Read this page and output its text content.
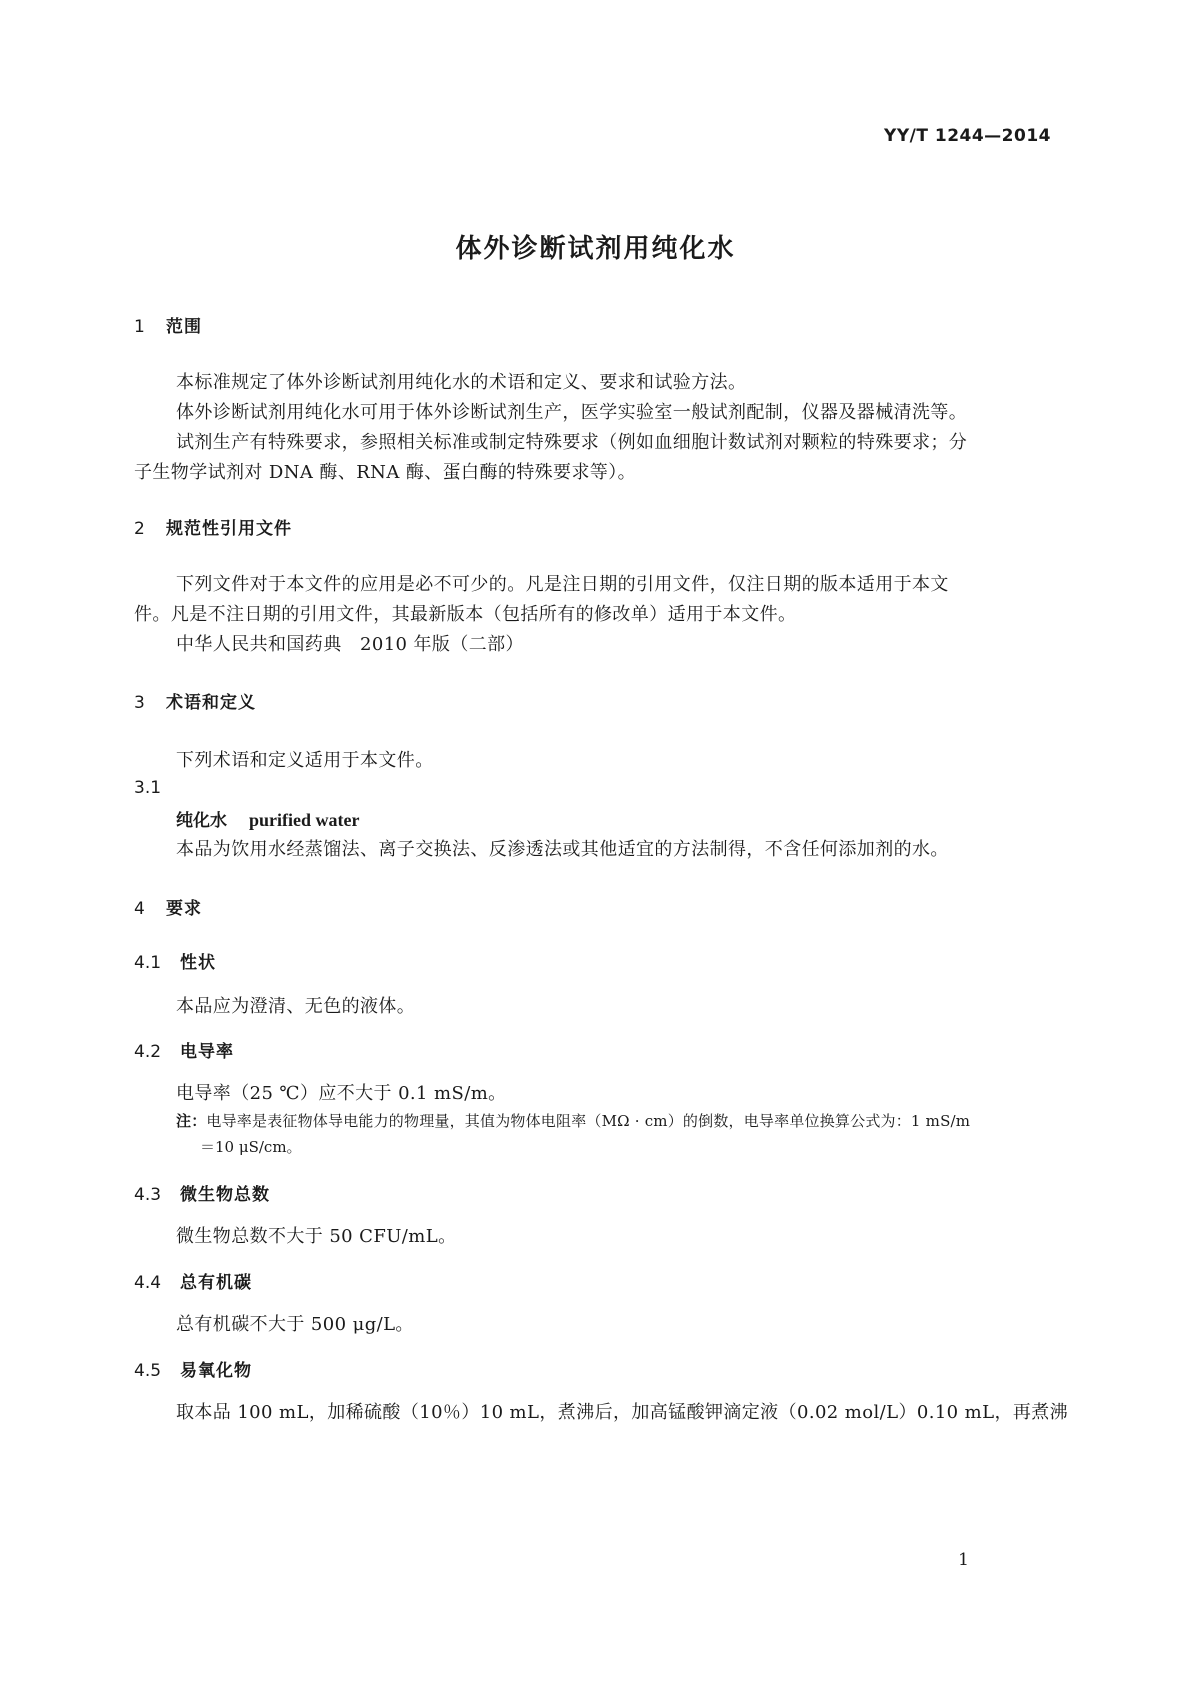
YY/T 1244—2014
体外诊断试剂用纯化水
1 范围
本标准规定了体外诊断试剂用纯化水的术语和定义、要求和试验方法。
体外诊断试剂用纯化水可用于体外诊断试剂生产，医学实验室一般试剂配制，仪器及器械清洗等。
试剂生产有特殊要求，参照相关标准或制定特殊要求（例如血细胞计数试剂对颗粒的特殊要求；分
子生物学试剂对 DNA 酶、RNA 酶、蛋白酶的特殊要求等）。
2 规范性引用文件
下列文件对于本文件的应用是必不可少的。凡是注日期的引用文件，仅注日期的版本适用于本文
件。凡是不注日期的引用文件，其最新版本（包括所有的修改单）适用于本文件。
中华人民共和国药典　2010 年版（二部）
3 术语和定义
下列术语和定义适用于本文件。
3.1
纯化水 purified water
本品为饮用水经蒸馏法、离子交换法、反渗透法或其他适宜的方法制得，不含任何添加剂的水。
4 要求
4.1 性状
本品应为澄清、无色的液体。
4.2 电导率
电导率（25 ℃）应不大于 0.1 mS/m。
注：电导率是表征物体导电能力的物理量，其值为物体电阻率（MΩ · cm）的倒数，电导率单位换算公式为：1 mS/m
＝10 μS/cm。
4.3 微生物总数
微生物总数不大于 50 CFU/mL。
4.4 总有机碳
总有机碳不大于 500 μg/L。
4.5 易氧化物
取本品 100 mL，加稀硫酸（10％）10 mL，煮沸后，加高锰酸钾滴定液（0.02 mol/L）0.10 mL，再煮沸
1
